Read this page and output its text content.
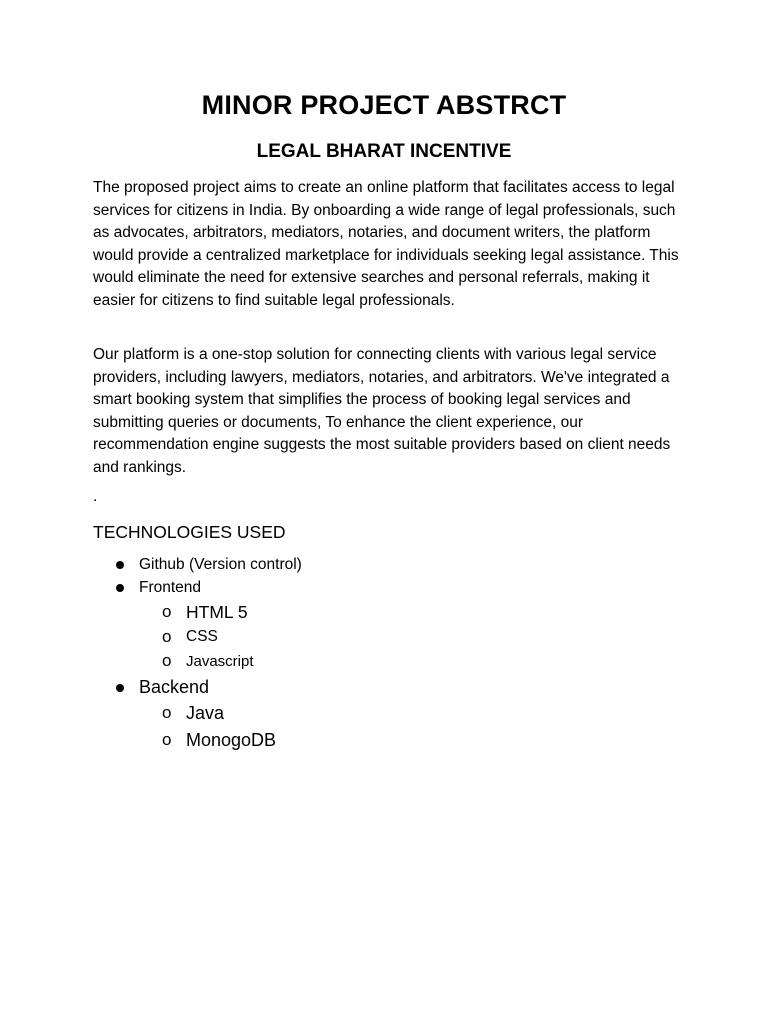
MINOR PROJECT ABSTRCT
LEGAL BHARAT INCENTIVE

The proposed project aims to create an online platform that facilitates access to legal services for citizens in India. By onboarding a wide range of legal professionals, such as advocates, arbitrators, mediators, notaries, and document writers, the platform would provide a centralized marketplace for individuals seeking legal assistance. This would eliminate the need for extensive searches and personal referrals, making it easier for citizens to find suitable legal professionals.

Our platform is a one-stop solution for connecting clients with various legal service providers, including lawyers, mediators, notaries, and arbitrators. We've integrated a smart booking system that simplifies the process of booking legal services and submitting queries or documents, To enhance the client experience, our recommendation engine suggests the most suitable providers based on client needs and rankings.

.

TECHNOLOGIES USED

Github (Version control)

Frontend

o HTML 5

o CSS

o Javascript

Backend

o Java

o MonogoDB
